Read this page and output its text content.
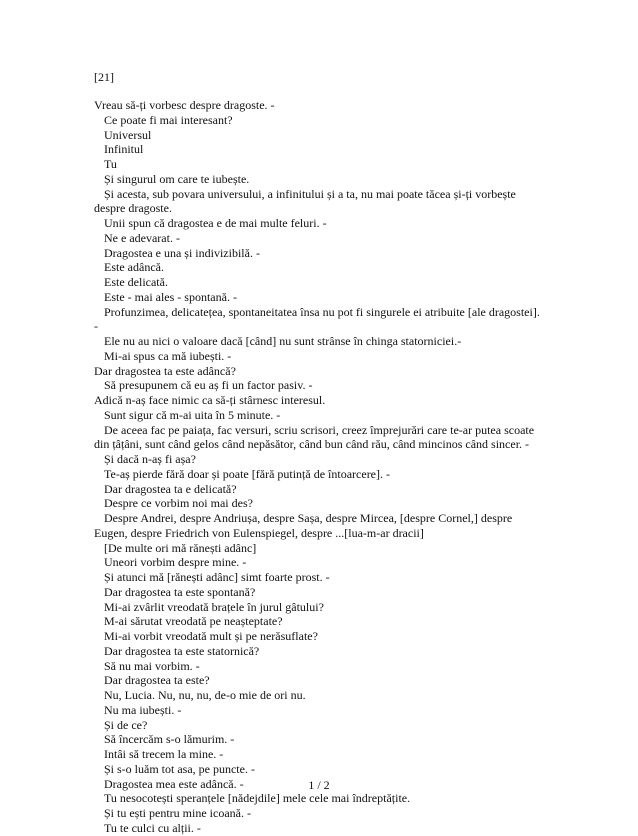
[21]
Vreau să-ți vorbesc despre dragoste. -
Ce poate fi mai interesant?
Universul
Infinitul
Tu
Și singurul om care te iubește.
Și acesta, sub povara universului, a infinitului și a ta, nu mai poate tăcea și-ți vorbește
despre dragoste.
Unii spun că dragostea e de mai multe feluri. -
Ne e adevarat. -
Dragostea e una și indivizibilă. -
Este adâncă.
Este delicată.
Este - mai ales - spontană. -
Profunzimea, delicatețea, spontaneitatea însa nu pot fi singurele ei atribuite [ale dragostei].
-
Ele nu au nici o valoare dacă [când] nu sunt strânse în chinga statorniciei.-
Mi-ai spus ca mă iubești. -
Dar dragostea ta este adâncă?
Să presupunem că eu aș fi un factor pasiv. -
Adică n-aș face nimic ca să-ți stârnesc interesul.
Sunt sigur că m-ai uita în 5 minute. -
De aceea fac pe paiața, fac versuri, scriu scrisori, creez împrejurări care te-ar putea scoate
din țâțâni, sunt când gelos când nepăsător, când bun când rău, când mincinos când sincer. -
Și dacă n-aș fi așa?
Te-aș pierde fără doar și poate [fără putință de întoarcere]. -
Dar dragostea ta e delicată?
Despre ce vorbim noi mai des?
Despre Andrei, despre Andriușa, despre Sașa, despre Mircea, [despre Cornel,] despre
Eugen, despre Friedrich von Eulenspiegel, despre ...[lua-m-ar dracii]
[De multe ori mă rănești adânc]
Uneori vorbim despre mine. -
Și atunci mă [rănești adânc] simt foarte prost. -
Dar dragostea ta este spontană?
Mi-ai zvârlit vreodată brațele în jurul gâtului?
M-ai sărutat vreodată pe neașteptate?
Mi-ai vorbit vreodată mult și pe nerăsuflate?
Dar dragostea ta este statornică?
Să nu mai vorbim. -
Dar dragostea ta este?
Nu, Lucia. Nu, nu, nu, de-o mie de ori nu.
Nu ma iubești. -
Și de ce?
Să încercăm s-o lămurim. -
Intâi să trecem la mine. -
Și s-o luăm tot asa, pe puncte. -
Dragostea mea este adâncă. -
Tu nesocotești speranțele [nădejdile] mele cele mai îndreptățite.
Și tu ești pentru mine icoană. -
Tu te culci cu alții. -
1 / 2
